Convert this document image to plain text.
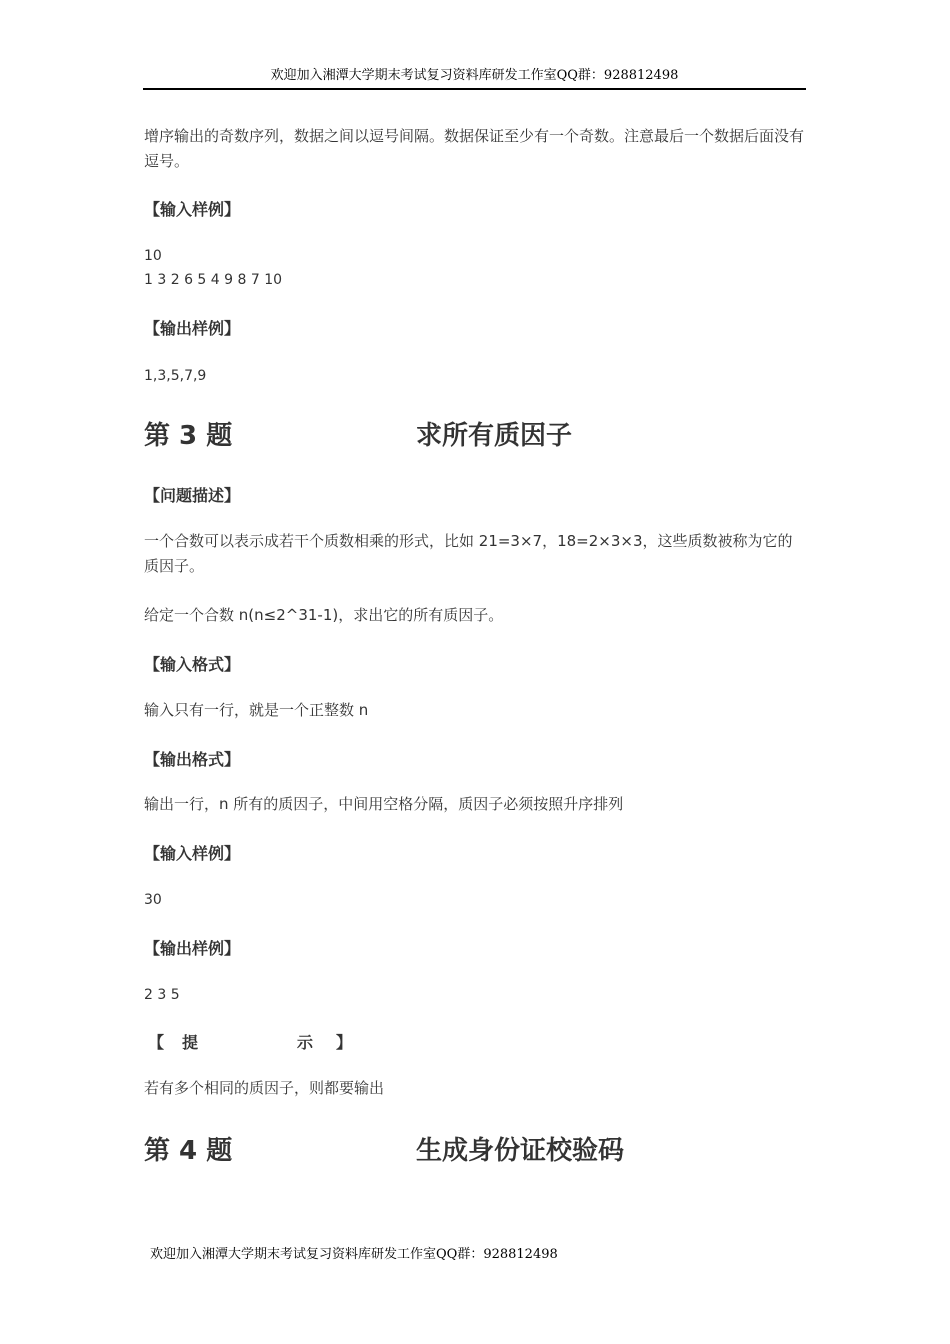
欢迎加入湘潭大学期末考试复习资料库研发工作室QQ群：928812498
增序输出的奇数序列，数据之间以逗号间隔。数据保证至少有一个奇数。注意最后一个数据后面没有逗号。
【输入样例】
10
1 3 2 6 5 4 9 8 7 10
【输出样例】
1,3,5,7,9
第 3 题	求所有质因子
【问题描述】
一个合数可以表示成若干个质数相乘的形式，比如 21=3×7，18=2×3×3，这些质数被称为它的质因子。
给定一个合数 n(n≤2^31-1)，求出它的所有质因子。
【输入格式】
输入只有一行，就是一个正整数 n
【输出格式】
输出一行，n 所有的质因子，中间用空格分隔，质因子必须按照升序排列
【输入样例】
30
【输出样例】
2 3 5
【 提	示 】
若有多个相同的质因子，则都要输出
第 4 题	生成身份证校验码
欢迎加入湘潭大学期末考试复习资料库研发工作室QQ群：928812498
